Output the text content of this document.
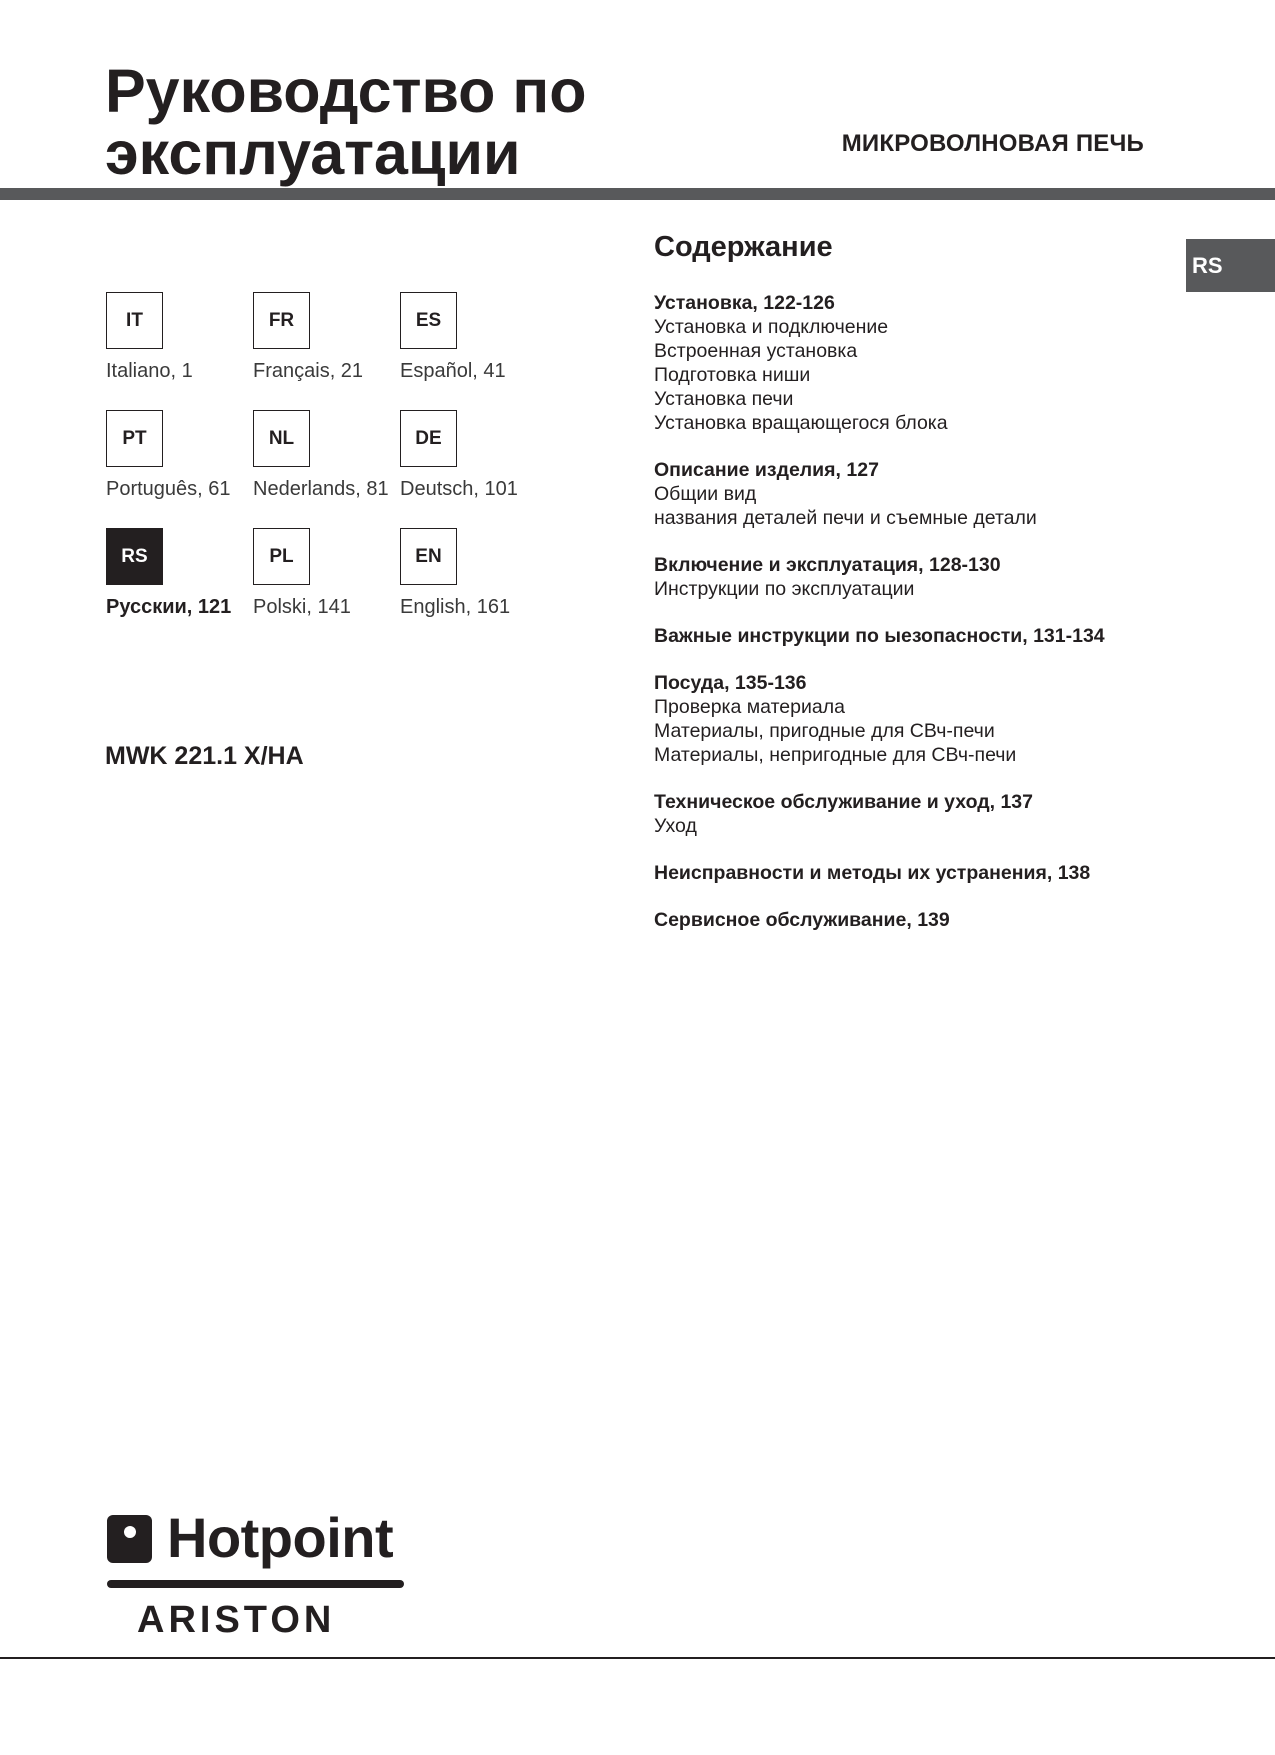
Руководство по
эксплуатации	МИКРОВОЛНОВАЯ ПЕЧЬ
RS
IT
Italiano, 1
FR
Français, 21
ES
Español, 41
PT
Português, 61
NL
Nederlands, 81
DE
Deutsch, 101
RS
Русскии, 121
PL
Polski, 141
EN
English, 161
MWK 221.1 X/HA
Содержание
Установка, 122-126
Установка и подключение
Встроенная установка
Подготовка ниши
Установка печи
Установка вращающегося блока
Описание изделия, 127
Общии вид
названия деталей печи и съемные детали
Включение и эксплуатация, 128-130
Инструкции по эксплуатации
Важные инструкции по ыезопасности, 131-134
Посуда, 135-136
Проверка материала
Материалы, пригодные для СВч-печи
Материалы, непригодные для СВч-печи
Техническое обслуживание и уход, 137
Уход
Неисправности и методы их устранения, 138
Сервисное обслуживание, 139
Hotpoint
ARISTON
